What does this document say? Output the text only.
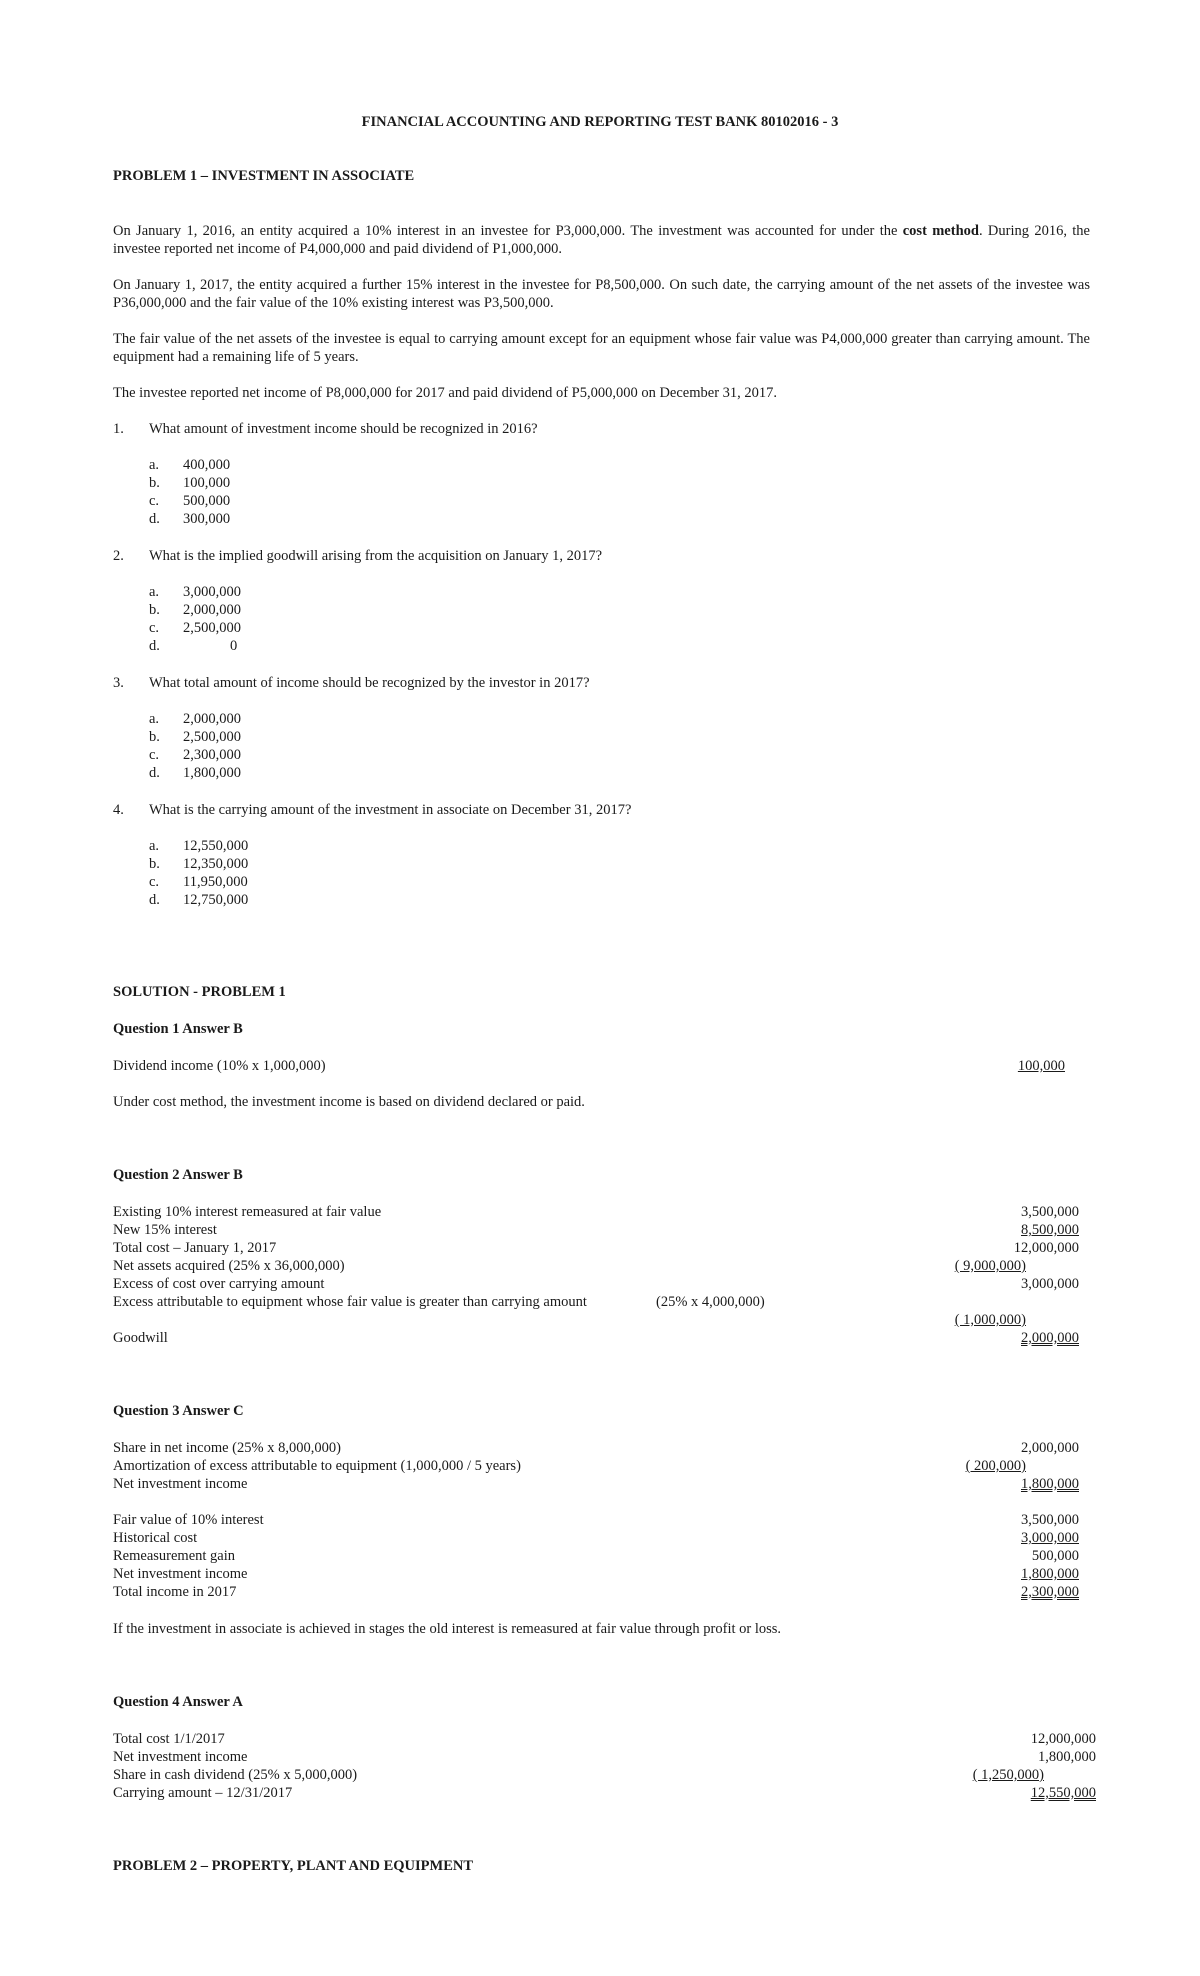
FINANCIAL ACCOUNTING AND REPORTING TEST BANK 80102016 - 3
PROBLEM 1 – INVESTMENT IN ASSOCIATE
On January 1, 2016, an entity acquired a 10% interest in an investee for P3,000,000. The investment was accounted for under the cost method. During 2016, the investee reported net income of P4,000,000 and paid dividend of P1,000,000.
On January 1, 2017, the entity acquired a further 15% interest in the investee for P8,500,000. On such date, the carrying amount of the net assets of the investee was P36,000,000 and the fair value of the 10% existing interest was P3,500,000.
The fair value of the net assets of the investee is equal to carrying amount except for an equipment whose fair value was P4,000,000 greater than carrying amount. The equipment had a remaining life of 5 years.
The investee reported net income of P8,000,000 for 2017 and paid dividend of P5,000,000 on December 31, 2017.
1. What amount of investment income should be recognized in 2016?
a. 400,000
b. 100,000
c. 500,000
d. 300,000
2. What is the implied goodwill arising from the acquisition on January 1, 2017?
a. 3,000,000
b. 2,000,000
c. 2,500,000
d.	0
3. What total amount of income should be recognized by the investor in 2017?
a. 2,000,000
b. 2,500,000
c. 2,300,000
d. 1,800,000
4. What is the carrying amount of the investment in associate on December 31, 2017?
a. 12,550,000
b. 12,350,000
c. 11,950,000
d. 12,750,000
SOLUTION - PROBLEM 1
Question 1 Answer B
Dividend income (10% x 1,000,000)	100,000
Under cost method, the investment income is based on dividend declared or paid.
Question 2 Answer B
Existing 10% interest remeasured at fair value	3,500,000
New 15% interest	8,500,000
Total cost – January 1, 2017	12,000,000
Net assets acquired (25% x 36,000,000)	( 9,000,000)
Excess of cost over carrying amount	3,000,000
Excess attributable to equipment whose fair value is greater than carrying amount	(25% x 4,000,000)
( 1,000,000)
Goodwill	2,000,000
Question 3 Answer C
Share in net income (25% x 8,000,000)	2,000,000
Amortization of excess attributable to equipment (1,000,000 / 5 years)	( 200,000)
Net investment income	1,800,000
Fair value of 10% interest	3,500,000
Historical cost	3,000,000
Remeasurement gain	500,000
Net investment income	1,800,000
Total income in 2017	2,300,000
If the investment in associate is achieved in stages the old interest is remeasured at fair value through profit or loss.
Question 4 Answer A
Total cost 1/1/2017	12,000,000
Net investment income	1,800,000
Share in cash dividend (25% x 5,000,000)	( 1,250,000)
Carrying amount – 12/31/2017	12,550,000
PROBLEM 2 – PROPERTY, PLANT AND EQUIPMENT
